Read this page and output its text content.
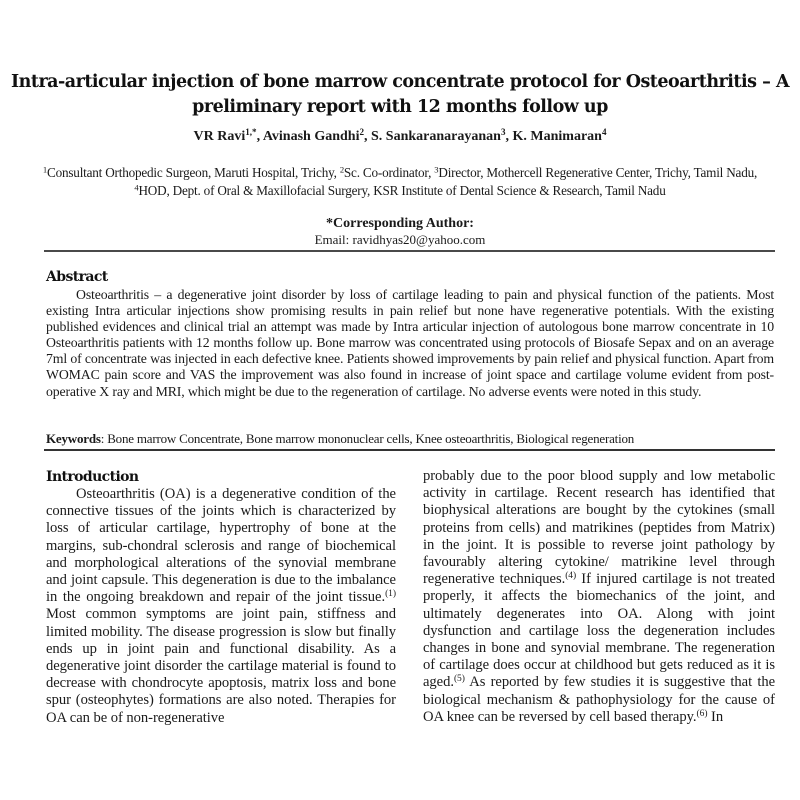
Intra-articular injection of bone marrow concentrate protocol for Osteoarthritis – A preliminary report with 12 months follow up
VR Ravi$^{1,*}$, Avinash Gandhi$^2$, S. Sankaranarayanan$^3$, K. Manimaran$^4$
$^1$Consultant Orthopedic Surgeon, Maruti Hospital, Trichy, $^2$Sc. Co-ordinator, $^3$Director, Mothercell Regenerative Center, Trichy, Tamil Nadu, $^4$HOD, Dept. of Oral & Maxillofacial Surgery, KSR Institute of Dental Science & Research, Tamil Nadu
*Corresponding Author:
Email: ravidhyas20@yahoo.com
Abstract
Osteoarthritis – a degenerative joint disorder by loss of cartilage leading to pain and physical function of the patients. Most existing Intra articular injections show promising results in pain relief but none have regenerative potentials. With the existing published evidences and clinical trial an attempt was made by Intra articular injection of autologous bone marrow concentrate in 10 Osteoarthritis patients with 12 months follow up. Bone marrow was concentrated using protocols of Biosafe Sepax and on an average 7ml of concentrate was injected in each defective knee. Patients showed improvements by pain relief and physical function. Apart from WOMAC pain score and VAS the improvement was also found in increase of joint space and cartilage volume evident from post-operative X ray and MRI, which might be due to the regeneration of cartilage. No adverse events were noted in this study.
Keywords: Bone marrow Concentrate, Bone marrow mononuclear cells, Knee osteoarthritis, Biological regeneration
Introduction
Osteoarthritis (OA) is a degenerative condition of the connective tissues of the joints which is characterized by loss of articular cartilage, hypertrophy of bone at the margins, sub-chondral sclerosis and range of biochemical and morphological alterations of the synovial membrane and joint capsule. This degeneration is due to the imbalance in the ongoing breakdown and repair of the joint tissue.$^{(1)}$ Most common symptoms are joint pain, stiffness and limited mobility. The disease progression is slow but finally ends up in joint pain and functional disability. As a degenerative joint disorder the cartilage material is found to decrease with chondrocyte apoptosis, matrix loss and bone spur (osteophytes) formations are also noted. Therapies for OA can be of non-regenerative
probably due to the poor blood supply and low metabolic activity in cartilage. Recent research has identified that biophysical alterations are bought by the cytokines (small proteins from cells) and matrikines (peptides from Matrix) in the joint. It is possible to reverse joint pathology by favourably altering cytokine/ matrikine level through regenerative techniques.$^{(4)}$ If injured cartilage is not treated properly, it affects the biomechanics of the joint, and ultimately degenerates into OA. Along with joint dysfunction and cartilage loss the degeneration includes changes in bone and synovial membrane. The regeneration of cartilage does occur at childhood but gets reduced as it is aged.$^{(5)}$ As reported by few studies it is suggestive that the biological mechanism & pathophysiology for the cause of OA knee can be reversed by cell based therapy.$^{(6)}$ In
